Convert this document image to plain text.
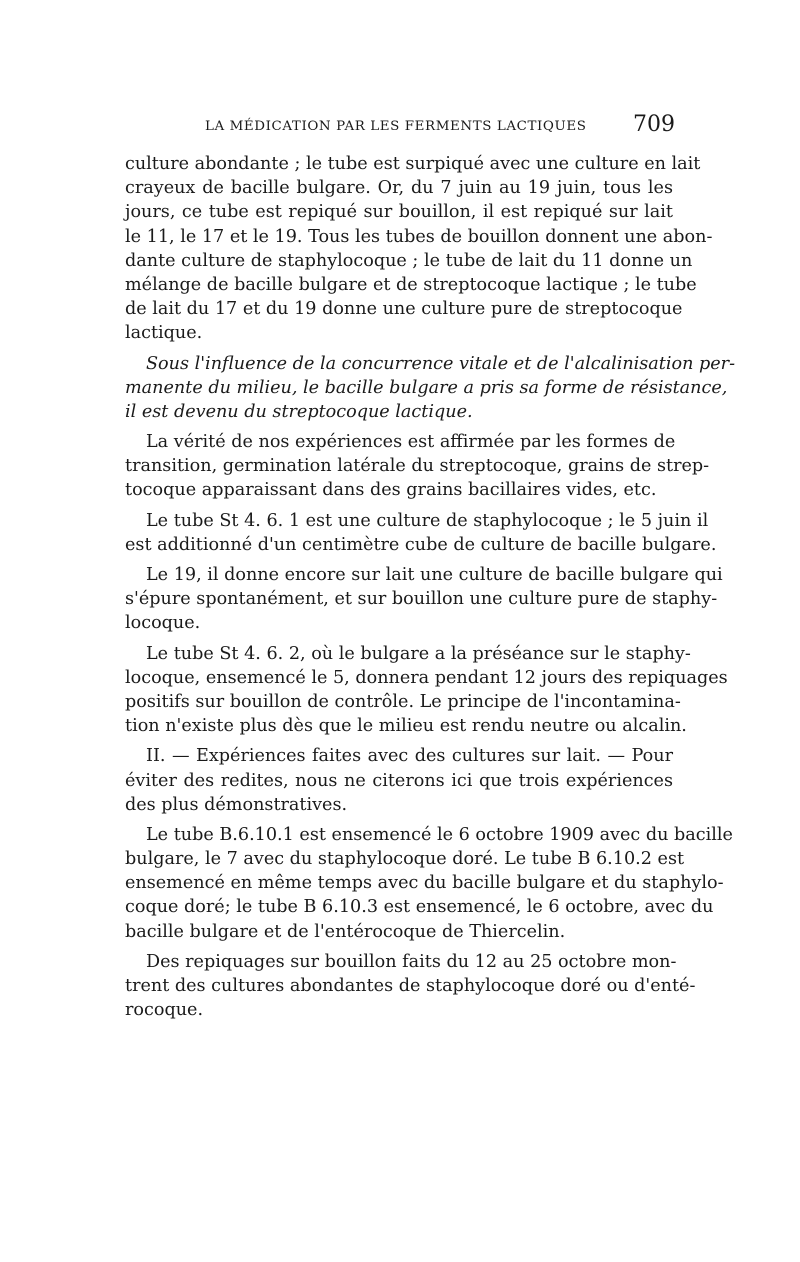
LA MÉDICATION PAR LES FERMENTS LACTIQUES 709
culture abondante ; le tube est surpiqué avec une culture en lait
crayeux de bacille bulgare. Or, du 7 juin au 19 juin, tous les
jours, ce tube est repiqué sur bouillon, il est repiqué sur lait
le 11, le 17 et le 19. Tous les tubes de bouillon donnent une abon-
dante culture de staphylocoque ; le tube de lait du 11 donne un
mélange de bacille bulgare et de streptocoque lactique ; le tube
de lait du 17 et du 19 donne une culture pure de streptocoque
lactique.
Sous l'influence de la concurrence vitale et de l'alcalinisation per-
manente du milieu, le bacille bulgare a pris sa forme de résistance,
il est devenu du streptocoque lactique.
La vérité de nos expériences est affirmée par les formes de
transition, germination latérale du streptocoque, grains de strep-
tocoque apparaissant dans des grains bacillaires vides, etc.
Le tube St 4. 6. 1 est une culture de staphylocoque ; le 5 juin il
est additionné d'un centimètre cube de culture de bacille bulgare.
Le 19, il donne encore sur lait une culture de bacille bulgare qui
s'épure spontanément, et sur bouillon une culture pure de staphy-
locoque.
Le tube St 4. 6. 2, où le bulgare a la préséance sur le staphy-
locoque, ensemencé le 5, donnera pendant 12 jours des repiquages
positifs sur bouillon de contrôle. Le principe de l'incontamina-
tion n'existe plus dès que le milieu est rendu neutre ou alcalin.
II. — Expériences faites avec des cultures sur lait. — Pour
éviter des redites, nous ne citerons ici que trois expériences
des plus démonstratives.
Le tube B.6.10.1 est ensemencé le 6 octobre 1909 avec du bacille
bulgare, le 7 avec du staphylocoque doré. Le tube B 6.10.2 est
ensemencé en même temps avec du bacille bulgare et du staphylo-
coque doré; le tube B 6.10.3 est ensemencé, le 6 octobre, avec du
bacille bulgare et de l'entérocoque de Thiercelin.
Des repiquages sur bouillon faits du 12 au 25 octobre mon-
trent des cultures abondantes de staphylocoque doré ou d'enté-
rocoque.
